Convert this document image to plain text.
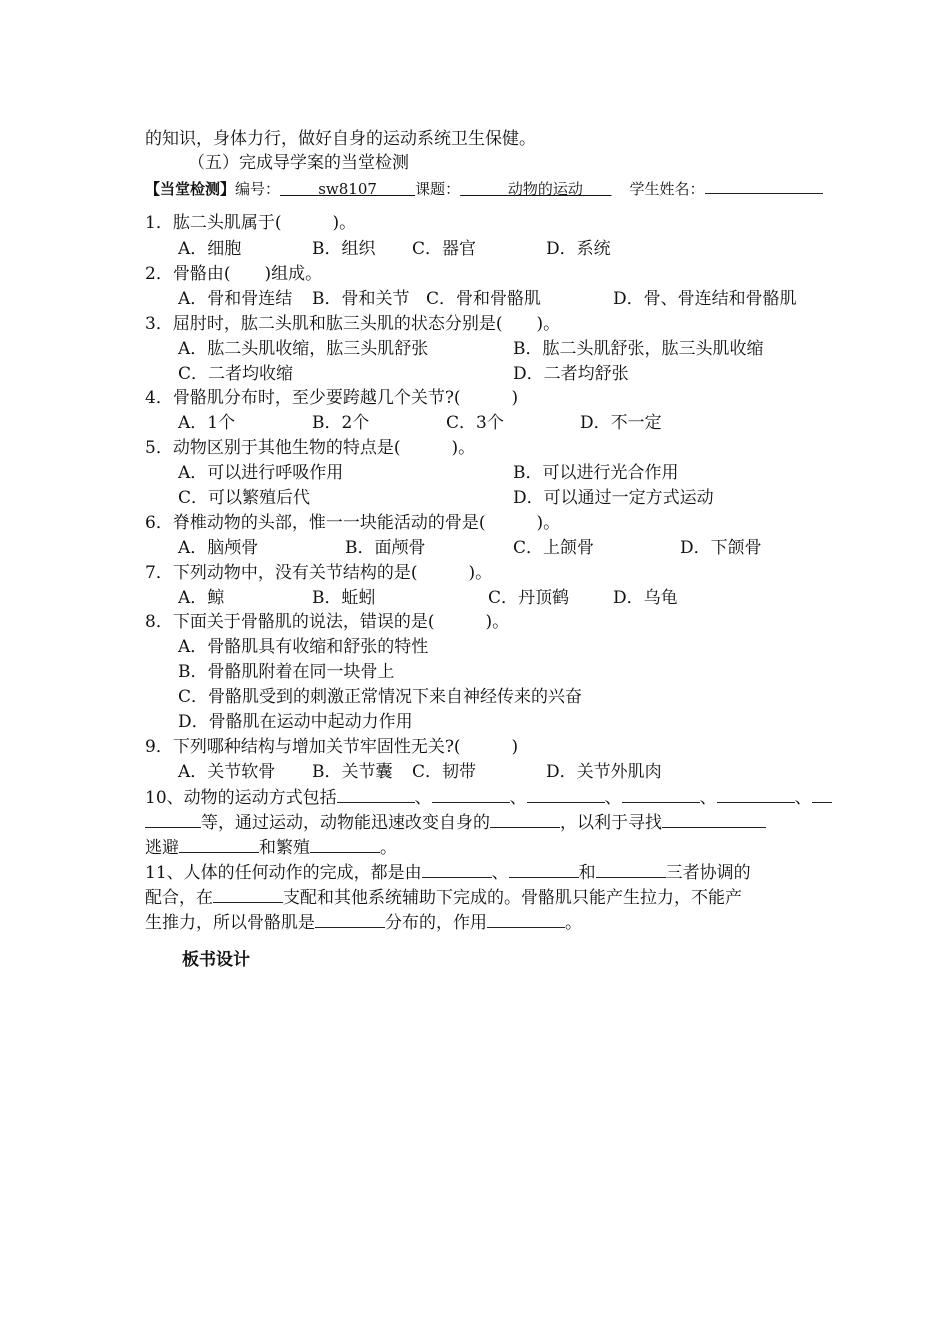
的知识，身体力行，做好自身的运动系统卫生保健。
（五）完成导学案的当堂检测
【当堂检测】编号：    	sw8107    	课题：     	动物的运动   	学生姓名：
1．肱二头肌属于(　　　)。
A．细胞	B．组织 C．器官	D．系统
2．骨骼由(　　)组成。
A．骨和骨连结 B．骨和关节 C．骨和骨骼肌	D．骨、骨连结和骨骼肌
3．屈肘时，肱二头肌和肱三头肌的状态分别是(　　)。
A．肱二头肌收缩，肱三头肌舒张	B．肱二头肌舒张，肱三头肌收缩
C．二者均收缩	D．二者均舒张
4．骨骼肌分布时，至少要跨越几个关节?(　　　)
A．1个	B．2个	C．3个	D．不一定
5．动物区别于其他生物的特点是(　　　)。
A．可以进行呼吸作用	B．可以进行光合作用
C．可以繁殖后代	D．可以通过一定方式运动
6．脊椎动物的头部，惟一一块能活动的骨是(　　　)。
A．脑颅骨	B．面颅骨	C．上颌骨	D．下颌骨
7．下列动物中，没有关节结构的是(　　　)。
A．鲸	B．蚯蚓	C．丹顶鹤	D．乌龟
8．下面关于骨骼肌的说法，错误的是(　　　)。
A．骨骼肌具有收缩和舒张的特性
B．骨骼肌附着在同一块骨上
C．骨骼肌受到的刺激正常情况下来自神经传来的兴奋
D．骨骼肌在运动中起动力作用
9．下列哪种结构与增加关节牢固性无关?(　　　)
A．关节软骨 B．关节囊 C．韧带	D．关节外肌肉
10、动物的运动方式包括	、	、	、	、	、
等，通过运动，动物能迅速改变自身的	，以利于寻找
逃避	和繁殖	。
11、人体的任何动作的完成，都是由	、	和	三者协调的
配合，在	支配和其他系统辅助下完成的。骨骼肌只能产生拉力，不能产
生推力，所以骨骼肌是	分布的，作用	。
板书设计
